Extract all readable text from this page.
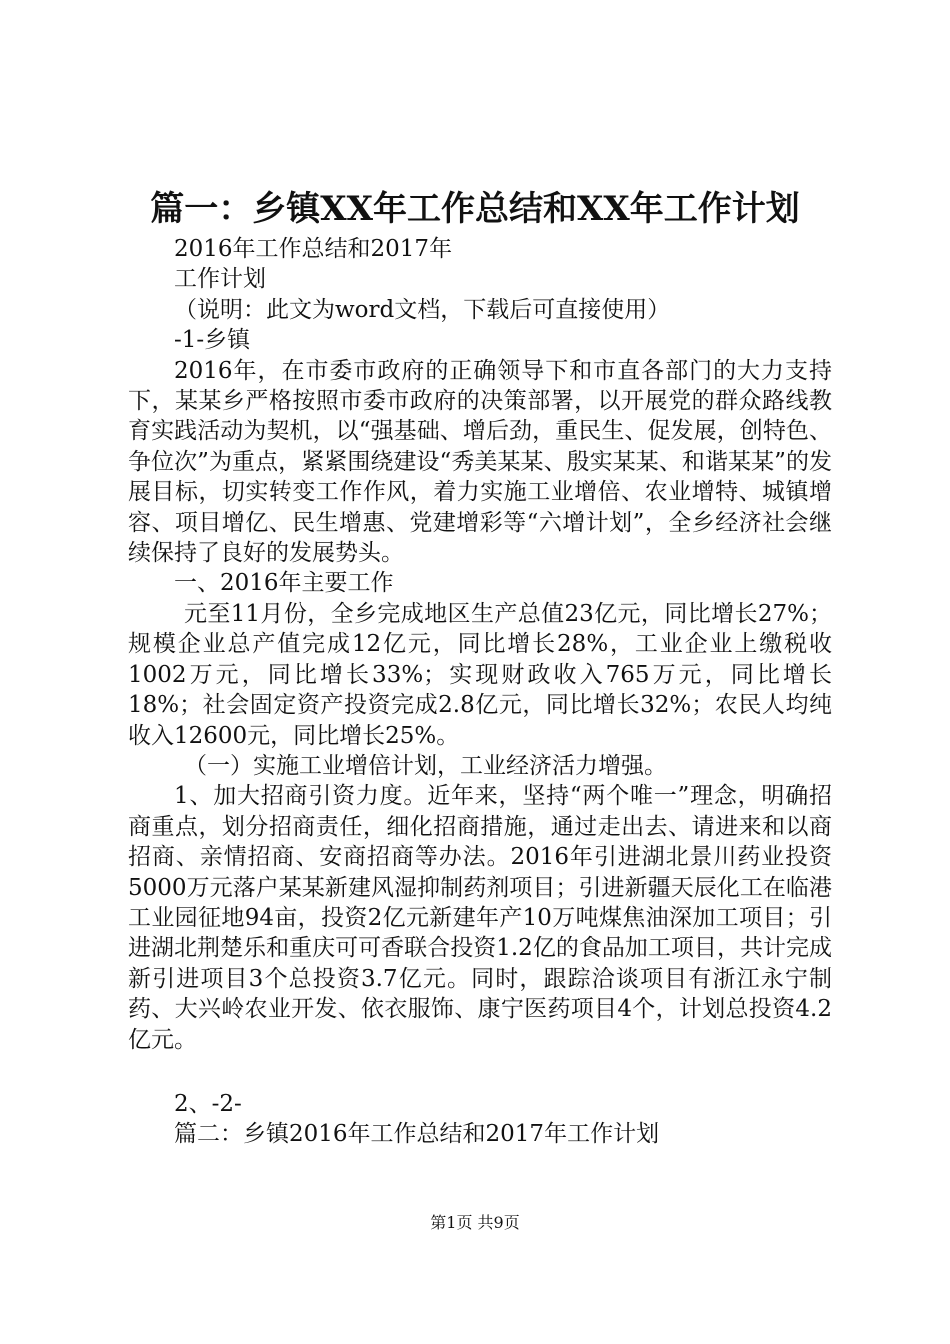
篇一：乡镇XX年工作总结和XX年工作计划

2016年工作总结和2017年

工作计划

（说明：此文为word文档，下载后可直接使用）

-1-乡镇

2016年，在市委市政府的正确领导下和市直各部门的大力支持下，某某乡严格按照市委市政府的决策部署，以开展党的群众路线教育实践活动为契机，以“强基础、增后劲，重民生、促发展，创特色、争位次”为重点，紧紧围绕建设“秀美某某、殷实某某、和谐某某”的发展目标，切实转变工作作风，着力实施工业增倍、农业增特、城镇增容、项目增亿、民生增惠、党建增彩等“六增计划”，全乡经济社会继续保持了良好的发展势头。

一、2016年主要工作

元至11月份，全乡完成地区生产总值23亿元，同比增长27%；规模企业总产值完成12亿元，同比增长28%，工业企业上缴税收1002万元，同比增长33%；实现财政收入765万元，同比增长18%；社会固定资产投资完成2.8亿元，同比增长32%；农民人均纯收入12600元，同比增长25%。

（一）实施工业增倍计划，工业经济活力增强。

1、加大招商引资力度。近年来，坚持“两个唯一”理念，明确招商重点，划分招商责任，细化招商措施，通过走出去、请进来和以商招商、亲情招商、安商招商等办法。2016年引进湖北景川药业投资5000万元落户某某新建风湿抑制药剂项目；引进新疆天辰化工在临港工业园征地94亩，投资2亿元新建年产10万吨煤焦油深加工项目；引进湖北荆楚乐和重庆可可香联合投资1.2亿的食品加工项目，共计完成新引进项目3个总投资3.7亿元。同时，跟踪洽谈项目有浙江永宁制药、大兴岭农业开发、依衣服饰、康宁医药项目4个，计划总投资4.2亿元。

2、-2-

篇二：乡镇2016年工作总结和2017年工作计划

第1页 共9页
